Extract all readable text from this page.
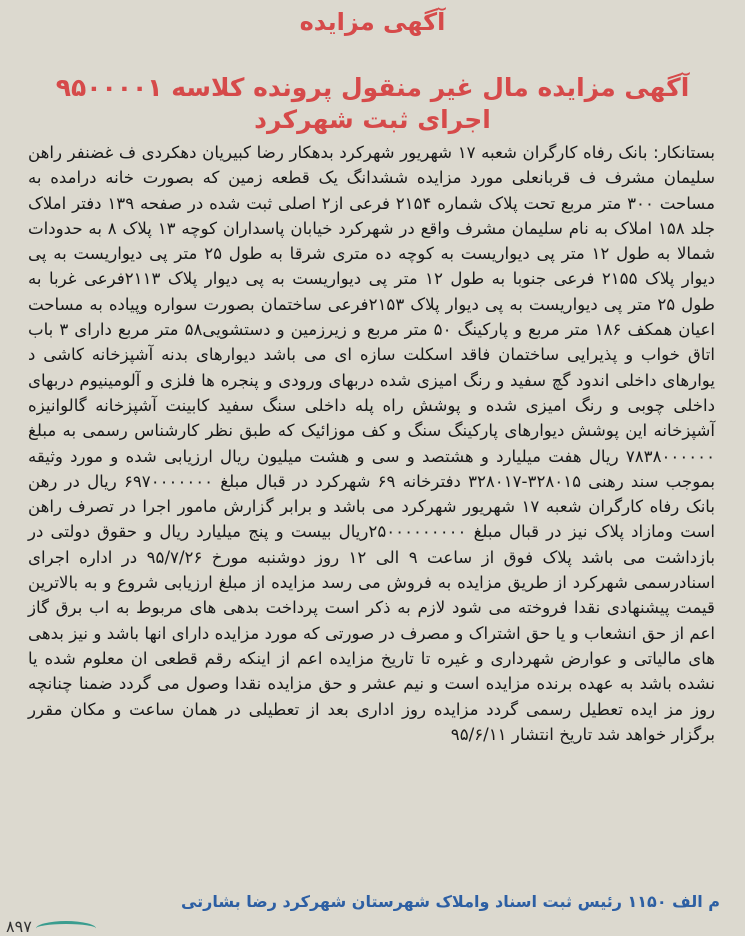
آگهی مزایده
آگهی مزایده مال غیر منقول پرونده کلاسه ۹۵۰۰۰۰۱ اجرای ثبت شهرکرد
بستانکار: بانک رفاه کارگران شعبه ۱۷ شهریور شهرکرد بدهکار رضا کبیریان دهکردی ف غضنفر راهن سلیمان مشرف ف قربانعلی مورد مزایده ششدانگ یک قطعه زمین که بصورت خانه درامده به مساحت ۳۰۰ متر مربع تحت پلاک شماره ۲۱۵۴ فرعی از۲ اصلی ثبت شده در صفحه ۱۳۹ دفتر املاک جلد ۱۵۸ املاک به نام سلیمان مشرف واقع در شهرکرد خیابان پاسداران کوچه ۱۳ پلاک ۸ به حدودات شمالا به طول ۱۲ متر پی دیواریست به کوچه ده متری شرقا به طول ۲۵ متر پی دیواریست به پی دیوار پلاک ۲۱۵۵ فرعی جنوبا به طول ۱۲ متر پی دیواریست به پی دیوار پلاک ۲۱۱۳فرعی غربا به طول ۲۵ متر پی دیواریست به پی دیوار پلاک ۲۱۵۳فرعی ساختمان بصورت سواره وپیاده به مساحت اعیان همکف ۱۸۶ متر مربع و پارکینگ ۵۰ متر مربع و زیرزمین و دستشویی۵۸ متر مربع دارای ۳ باب اتاق خواب و پذیرایی ساختمان فاقد اسکلت سازه ای می باشد دیوارهای بدنه آشپزخانه کاشی د یوارهای داخلی اندود گچ سفید و رنگ امیزی شده دربهای ورودی و پنجره ها فلزی و آلومینیوم دربهای داخلی چوبی و رنگ امیزی شده و پوشش راه پله داخلی سنگ سفید کابینت آشپزخانه گالوانیزه آشپزخانه این پوشش دیوارهای پارکینگ سنگ و کف موزائیک که طبق نظر کارشناس رسمی به مبلغ ۷۸۳۸۰۰۰۰۰۰ ریال هفت میلیارد و هشتصد و سی و هشت میلیون ریال ارزیابی شده و مورد وثیقه بموجب سند رهنی ۳۲۸۰۱۵-۳۲۸۰۱۷ دفترخانه ۶۹ شهرکرد در قبال مبلغ ۶۹۷۰۰۰۰۰۰۰ ریال در رهن بانک رفاه کارگران شعبه ۱۷ شهریور شهرکرد می باشد و برابر گزارش مامور اجرا در تصرف راهن است ومازاد پلاک نیز در قبال مبلغ ۲۵۰۰۰۰۰۰۰۰۰ریال بیست و پنج میلیارد ریال و حقوق دولتی در بازداشت می باشد پلاک فوق از ساعت ۹ الی ۱۲ روز دوشنبه مورخ ۹۵/۷/۲۶ در اداره اجرای اسنادرسمی شهرکرد از طریق مزایده به فروش می رسد مزایده از مبلغ ارزیابی شروع و به بالاترین قیمت پیشنهادی نقدا فروخته می شود لازم به ذکر است پرداخت بدهی های مربوط به اب برق گاز اعم از حق انشعاب و یا حق اشتراک و مصرف در صورتی که مورد مزایده دارای انها باشد و نیز بدهی های مالیاتی و عوارض شهرداری و غیره تا تاریخ مزایده اعم از اینکه رقم قطعی ان معلوم شده یا نشده باشد به عهده برنده مزایده است و نیم عشر و حق مزایده نقدا وصول می گردد ضمنا چنانچه روز مز ایده تعطیل رسمی گردد مزایده روز اداری بعد از تعطیلی در همان ساعت و مکان مقرر برگزار خواهد شد تاریخ انتشار ۹۵/۶/۱۱
م الف ۱۱۵۰ رئیس ثبت اسناد واملاک شهرستان شهرکرد رضا بشارتی
۸۹۷
